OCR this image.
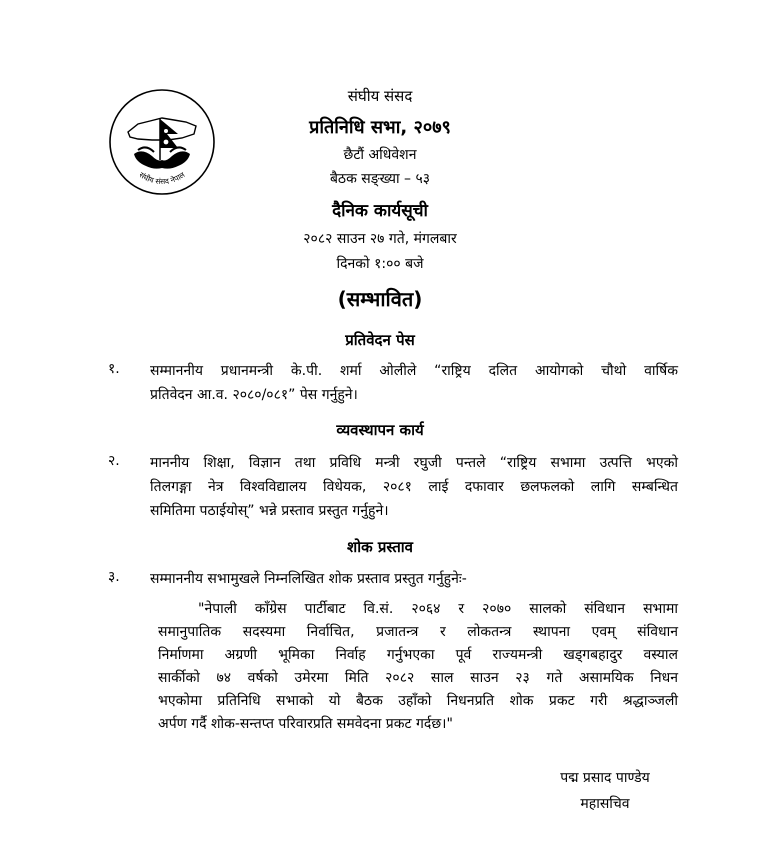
संघीय संसद नेपाल
संघीय संसद
प्रतिनिधि सभा, २०७९
छैटौं अधिवेशन
बैठक सङ्ख्या – ५३
दैनिक कार्यसूची
२०८२ साउन २७ गते, मंगलबार
दिनको १:०० बजे
(सम्भावित)
प्रतिवेदन पेस
१. सम्माननीय प्रधानमन्त्री के.पी. शर्मा ओलीले “राष्ट्रिय दलित आयोगको चौथो वार्षिक
प्रतिवेदन आ.व. २०८०/०८१” पेस गर्नुहुने।
व्यवस्थापन कार्य
२. माननीय शिक्षा, विज्ञान तथा प्रविधि मन्त्री रघुजी पन्तले “राष्ट्रिय सभामा उत्पत्ति भएको
तिलगङ्गा नेत्र विश्वविद्यालय विधेयक, २०८१ लाई दफावार छलफलको लागि सम्बन्धित
समितिमा पठाईयोस्” भन्ने प्रस्ताव प्रस्तुत गर्नुहुने।
शोक प्रस्ताव
३. सम्माननीय सभामुखले निम्नलिखित शोक प्रस्ताव प्रस्तुत गर्नुहुनेः-
"नेपाली काँग्रेस पार्टीबाट वि.सं. २०६४ र २०७० सालको संविधान सभामा
समानुपातिक सदस्यमा निर्वाचित, प्रजातन्त्र र लोकतन्त्र स्थापना एवम् संविधान
निर्माणमा अग्रणी भूमिका निर्वाह गर्नुभएका पूर्व राज्यमन्त्री खड्गबहादुर वस्याल
सार्कीको ७४ वर्षको उमेरमा मिति २०८२ साल साउन २३ गते असामयिक निधन
भएकोमा प्रतिनिधि सभाको यो बैठक उहाँको निधनप्रति शोक प्रकट गरी श्रद्धाञ्जली
अर्पण गर्दै शोक-सन्तप्त परिवारप्रति समवेदना प्रकट गर्दछ।"
पद्म प्रसाद पाण्डेय
महासचिव
